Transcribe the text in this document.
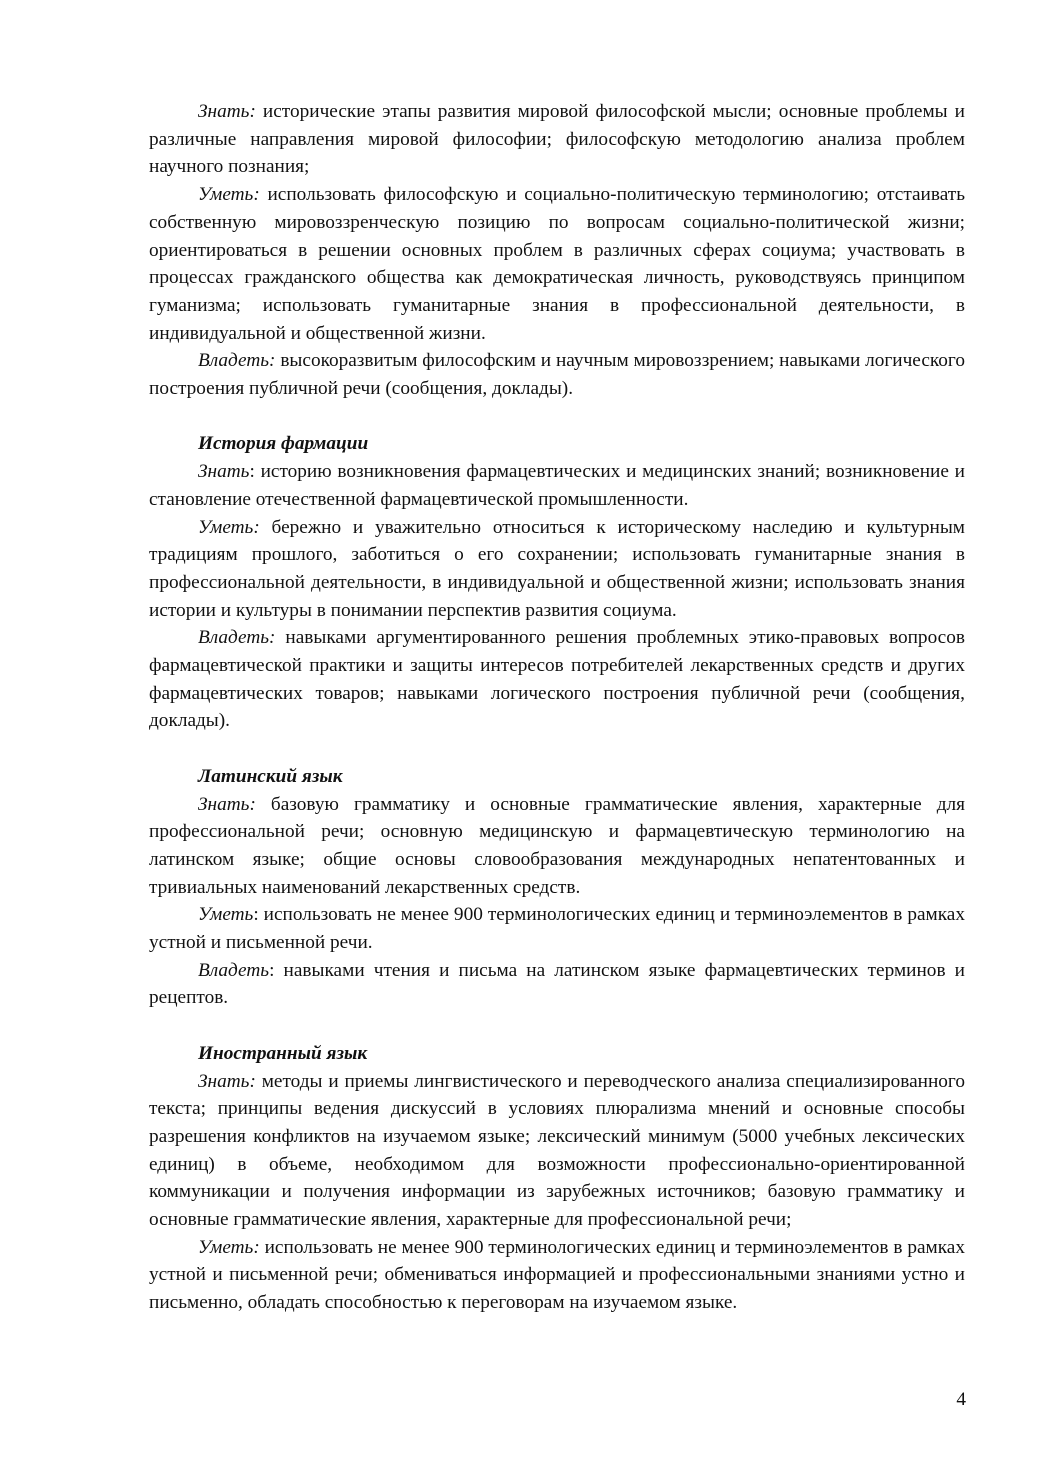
Знать: исторические этапы развития мировой философской мысли; основные проблемы и различные направления мировой философии; философскую методологию анализа проблем научного познания;

Уметь: использовать философскую и социально-политическую терминологию; отстаивать собственную мировоззренческую позицию по вопросам социально-политической жизни; ориентироваться в решении основных проблем в различных сферах социума; участвовать в процессах гражданского общества как демократическая личность, руководствуясь принципом гуманизма; использовать гуманитарные знания в профессиональной деятельности, в индивидуальной и общественной жизни.

Владеть: высокоразвитым философским и научным мировоззрением; навыками логического построения публичной речи (сообщения, доклады).

История фармации

Знать: историю возникновения фармацевтических и медицинских знаний; возникновение и становление отечественной фармацевтической промышленности.

Уметь: бережно и уважительно относиться к историческому наследию и культурным традициям прошлого, заботиться о его сохранении; использовать гуманитарные знания в профессиональной деятельности, в индивидуальной и общественной жизни; использовать знания истории и культуры в понимании перспектив развития социума.

Владеть: навыками аргументированного решения проблемных этико-правовых вопросов фармацевтической практики и защиты интересов потребителей лекарственных средств и других фармацевтических товаров; навыками логического построения публичной речи (сообщения, доклады).

Латинский язык

Знать: базовую грамматику и основные грамматические явления, характерные для профессиональной речи; основную медицинскую и фармацевтическую терминологию на латинском языке; общие основы словообразования международных непатентованных и тривиальных наименований лекарственных средств.

Уметь: использовать не менее 900 терминологических единиц и терминоэлементов в рамках устной и письменной речи.

Владеть: навыками чтения и письма на латинском языке фармацевтических терминов и рецептов.

Иностранный язык

Знать: методы и приемы лингвистического и переводческого анализа специализированного текста; принципы ведения дискуссий в условиях плюрализма мнений и основные способы разрешения конфликтов на изучаемом языке; лексический минимум (5000 учебных лексических единиц) в объеме, необходимом для возможности профессионально-ориентированной коммуникации и получения информации из зарубежных источников; базовую грамматику и основные грамматические явления, характерные для профессиональной речи;

Уметь: использовать не менее 900 терминологических единиц и терминоэлементов в рамках устной и письменной речи; обмениваться информацией и профессиональными знаниями устно и письменно, обладать способностью к переговорам на изучаемом языке.

4
